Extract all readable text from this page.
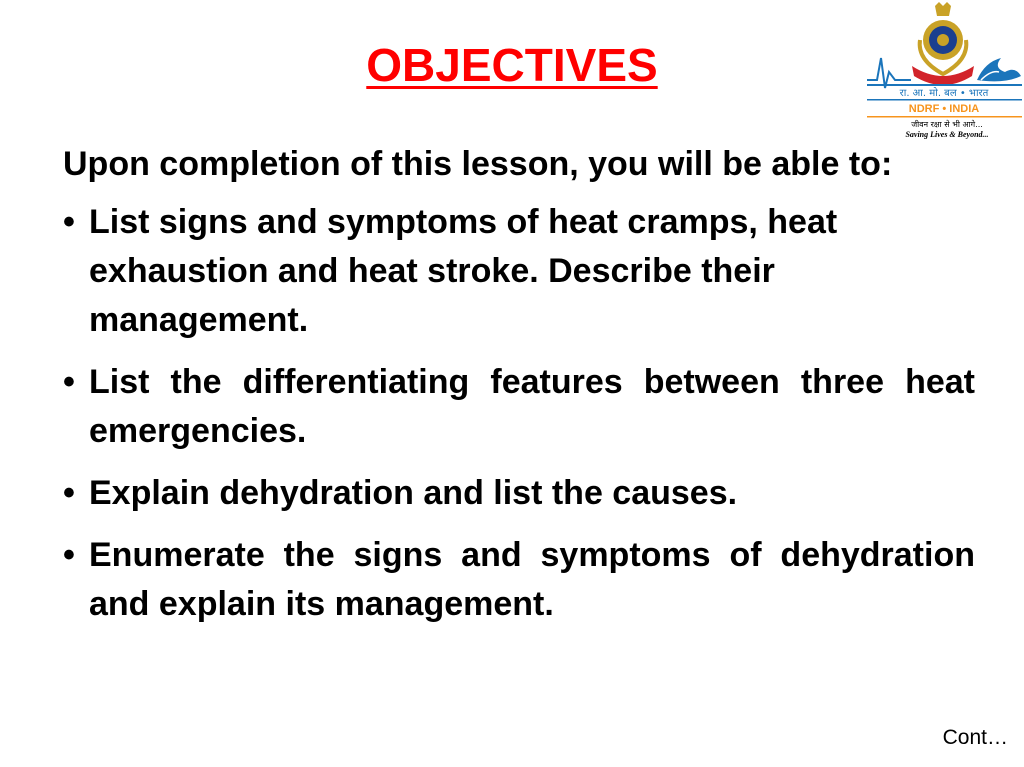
OBJECTIVES
रा. आ. मो. बल • भारत
NDRF • INDIA
जीवन रक्षा से भी आगे...
Saving Lives & Beyond...

Upon completion of this lesson, you will be able to:

• List signs and symptoms of heat cramps, heat exhaustion and heat stroke. Describe their management.
• List the differentiating features between three heat emergencies.
• Explain dehydration and list the causes.
• Enumerate the signs and symptoms of dehydration and explain its management.
Cont…
